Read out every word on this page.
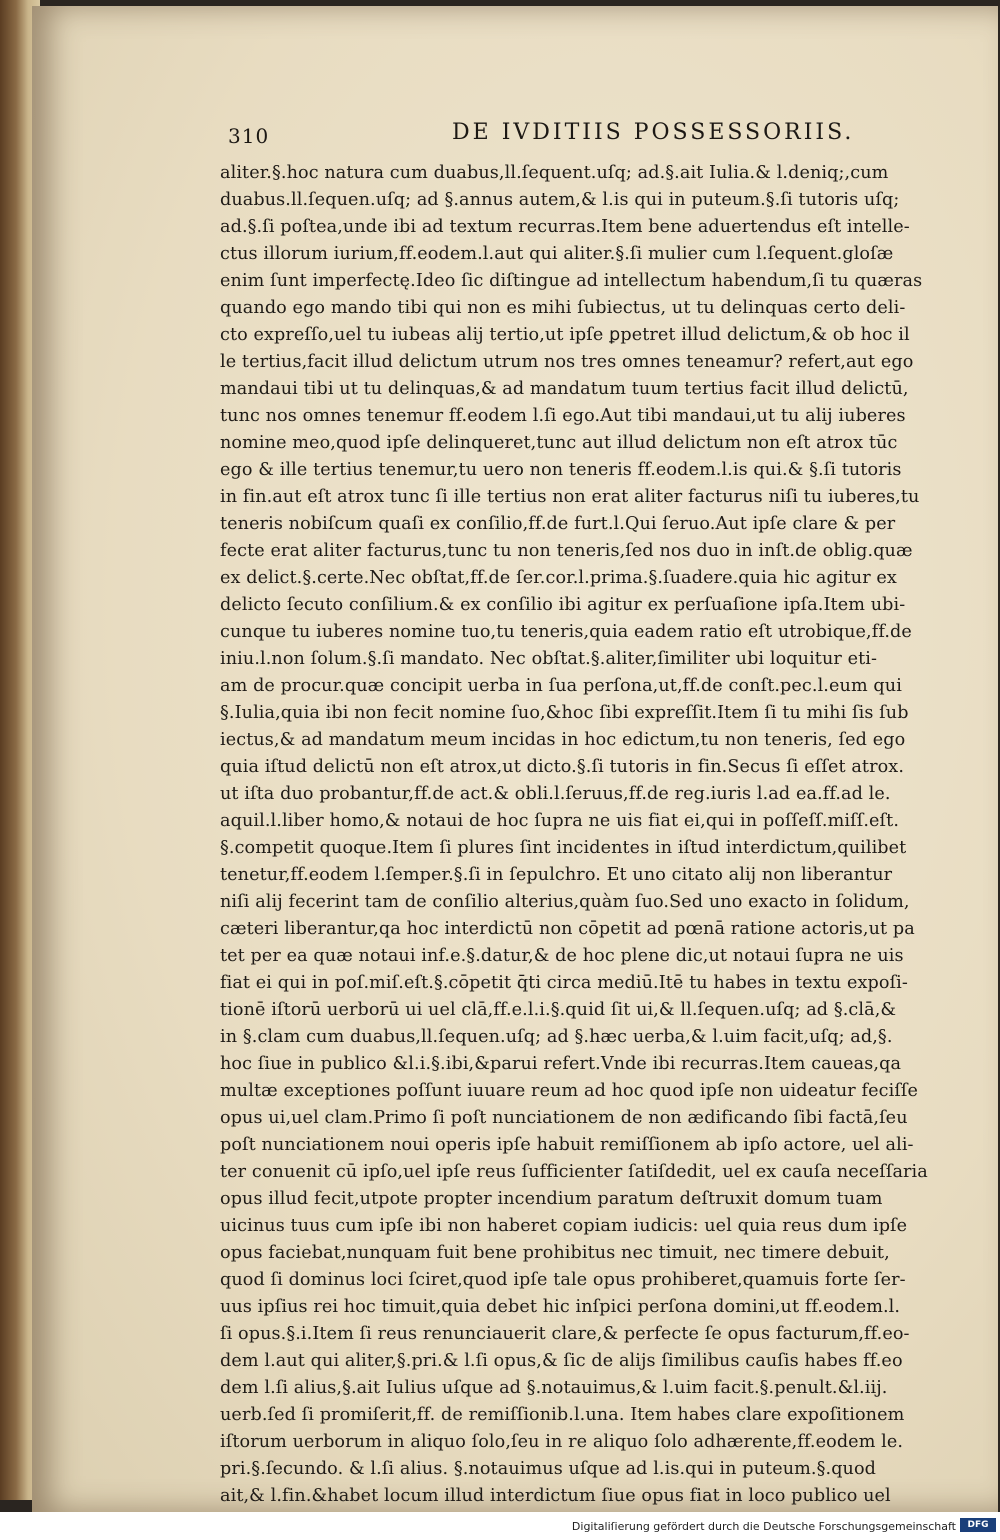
310	DE IVDITIIS POSSESSORIIS.
aliter.§.hoc natura cum duabus,ll.ſequent.uſq; ad.§.ait Iulia.& l.deniq;,cum
duabus.ll.ſequen.uſq; ad §.annus autem,& l.is qui in puteum.§.ſi tutoris uſq;
ad.§.ſi poſtea,unde ibi ad textum recurras.Item bene aduertendus eſt intelle-
ctus illorum iurium,ff.eodem.l.aut qui aliter.§.ſi mulier cum l.ſequent.gloſæ
enim ſunt imperfectę.Ideo ſic diſtingue ad intellectum habendum,ſi tu quæras
quando ego mando tibi qui non es mihi ſubiectus, ut tu delinquas certo deli-
cto expreſſo,uel tu iubeas alij tertio,ut ipſe ꝑpetret illud delictum,& ob hoc il
le tertius,facit illud delictum utrum nos tres omnes teneamur? refert,aut ego
mandaui tibi ut tu delinquas,& ad mandatum tuum tertius facit illud delictū,
tunc nos omnes tenemur ff.eodem l.ſi ego.Aut tibi mandaui,ut tu alij iuberes
nomine meo,quod ipſe delinqueret,tunc aut illud delictum non eſt atrox tūc
ego & ille tertius tenemur,tu uero non teneris ff.eodem.l.is qui.& §.ſi tutoris
in fin.aut eſt atrox tunc ſi ille tertius non erat aliter facturus niſi tu iuberes,tu
teneris nobiſcum quaſi ex conſilio,ff.de furt.l.Qui ſeruo.Aut ipſe clare & per
fecte erat aliter facturus,tunc tu non teneris,ſed nos duo in inſt.de oblig.quæ
ex delict.§.certe.Nec obſtat,ff.de ſer.cor.l.prima.§.ſuadere.quia hic agitur ex
delicto ſecuto conſilium.& ex conſilio ibi agitur ex perſuaſione ipſa.Item ubi-
cunque tu iuberes nomine tuo,tu teneris,quia eadem ratio eſt utrobique,ff.de
iniu.l.non ſolum.§.ſi mandato. Nec obſtat.§.aliter,ſimiliter ubi loquitur eti-
am de procur.quæ concipit uerba in ſua perſona,ut,ff.de conſt.pec.l.eum qui
§.Iulia,quia ibi non fecit nomine ſuo,&hoc ſibi expreſſit.Item ſi tu mihi ſis ſub
iectus,& ad mandatum meum incidas in hoc edictum,tu non teneris, ſed ego
quia iſtud delictū non eſt atrox,ut dicto.§.ſi tutoris in fin.Secus ſi eſſet atrox.
ut iſta duo probantur,ff.de act.& obli.l.ſeruus,ff.de reg.iuris l.ad ea.ff.ad le.
aquil.l.liber homo,& notaui de hoc ſupra ne uis fiat ei,qui in poſſeſſ.miſſ.eſt.
§.competit quoque.Item ſi plures ſint incidentes in iſtud interdictum,quilibet
tenetur,ff.eodem l.ſemper.§.ſi in ſepulchro. Et uno citato alij non liberantur
niſi alij fecerint tam de conſilio alterius,quàm ſuo.Sed uno exacto in ſolidum,
cæteri liberantur,qa hoc interdictū non cōpetit ad pœnā ratione actoris,ut pa
tet per ea quæ notaui inf.e.§.datur,& de hoc plene dic,ut notaui ſupra ne uis
fiat ei qui in poſ.miſ.eſt.§.cōpetit q̄ti circa mediū.Itē tu habes in textu expoſi-
tionē iſtorū uerborū ui uel clā,ff.e.l.i.§.quid ſit ui,& ll.ſequen.uſq; ad §.clā,&
in §.clam cum duabus,ll.ſequen.uſq; ad §.hæc uerba,& l.uim facit,uſq; ad,§.
hoc ſiue in publico &l.i.§.ibi,&parui refert.Vnde ibi recurras.Item caueas,qa
multæ exceptiones poſſunt iuuare reum ad hoc quod ipſe non uideatur feciſſe
opus ui,uel clam.Primo ſi poſt nunciationem de non ædificando ſibi factā,ſeu
poſt nunciationem noui operis ipſe habuit remiſſionem ab ipſo actore, uel ali-
ter conuenit cū ipſo,uel ipſe reus ſufficienter ſatiſdedit, uel ex cauſa neceſſaria
opus illud fecit,utpote propter incendium paratum deſtruxit domum tuam
uicinus tuus cum ipſe ibi non haberet copiam iudicis: uel quia reus dum ipſe
opus faciebat,nunquam fuit bene prohibitus nec timuit, nec timere debuit,
quod ſi dominus loci ſciret,quod ipſe tale opus prohiberet,quamuis forte ſer-
uus ipſius rei hoc timuit,quia debet hic inſpici perſona domini,ut ff.eodem.l.
ſi opus.§.i.Item ſi reus renunciauerit clare,& perfecte ſe opus facturum,ff.eo-
dem l.aut qui aliter,§.pri.& l.ſi opus,& ſic de alijs ſimilibus cauſis habes ff.eo
dem l.ſi alius,§.ait Iulius uſque ad §.notauimus,& l.uim facit.§.penult.&l.iij.
uerb.ſed ſi promiſerit,ff. de remiſſionib.l.una. Item habes clare expoſitionem
iſtorum uerborum in aliquo ſolo,ſeu in re aliquo ſolo adhærente,ff.eodem le.
pri.§.ſecundo. & l.ſi alius. §.notauimus uſque ad l.is.qui in puteum.§.quod
ait,& l.fin.&habet locum illud interdictum ſiue opus fiat in loco publico uel
Digitaliſierung gefördert durch die Deutsche Forschungsgemeinschaft	DFG
